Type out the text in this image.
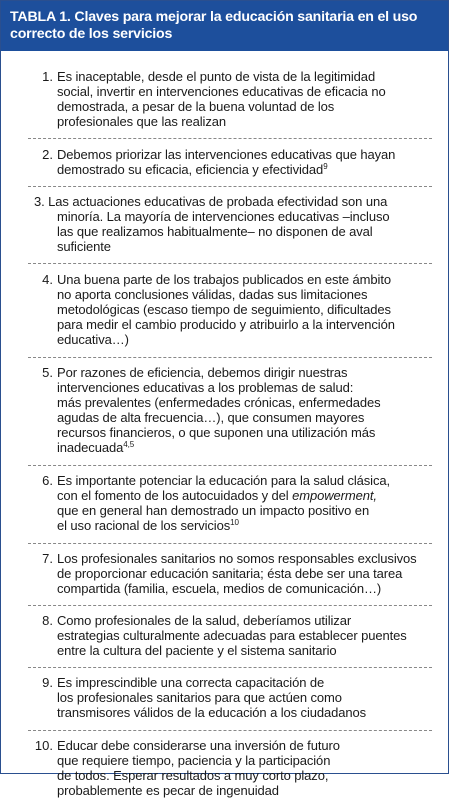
TABLA 1. Claves para mejorar la educación sanitaria en el uso
correcto de los servicios
1. Es inaceptable, desde el punto de vista de la legitimidad
social, invertir en intervenciones educativas de eficacia no
demostrada, a pesar de la buena voluntad de los
profesionales que las realizan
2. Debemos priorizar las intervenciones educativas que hayan
demostrado su eficacia, eficiencia y efectividad$^9$
3. Las actuaciones educativas de probada efectividad son una
minoría. La mayoría de intervenciones educativas –incluso
las que realizamos habitualmente– no disponen de aval
suficiente
4. Una buena parte de los trabajos publicados en este ámbito
no aporta conclusiones válidas, dadas sus limitaciones
metodológicas (escaso tiempo de seguimiento, dificultades
para medir el cambio producido y atribuirlo a la intervención
educativa…)
5. Por razones de eficiencia, debemos dirigir nuestras
intervenciones educativas a los problemas de salud:
más prevalentes (enfermedades crónicas, enfermedades
agudas de alta frecuencia…), que consumen mayores
recursos financieros, o que suponen una utilización más
inadecuada$^{4,5}$
6. Es importante potenciar la educación para la salud clásica,
con el fomento de los autocuidados y del empowerment,
que en general han demostrado un impacto positivo en
el uso racional de los servicios$^{10}$
7. Los profesionales sanitarios no somos responsables exclusivos
de proporcionar educación sanitaria; ésta debe ser una tarea
compartida (familia, escuela, medios de comunicación…)
8. Como profesionales de la salud, deberíamos utilizar
estrategias culturalmente adecuadas para establecer puentes
entre la cultura del paciente y el sistema sanitario
9. Es imprescindible una correcta capacitación de
los profesionales sanitarios para que actúen como
transmisores válidos de la educación a los ciudadanos
10. Educar debe considerarse una inversión de futuro
que requiere tiempo, paciencia y la participación
de todos. Esperar resultados a muy corto plazo,
probablemente es pecar de ingenuidad
